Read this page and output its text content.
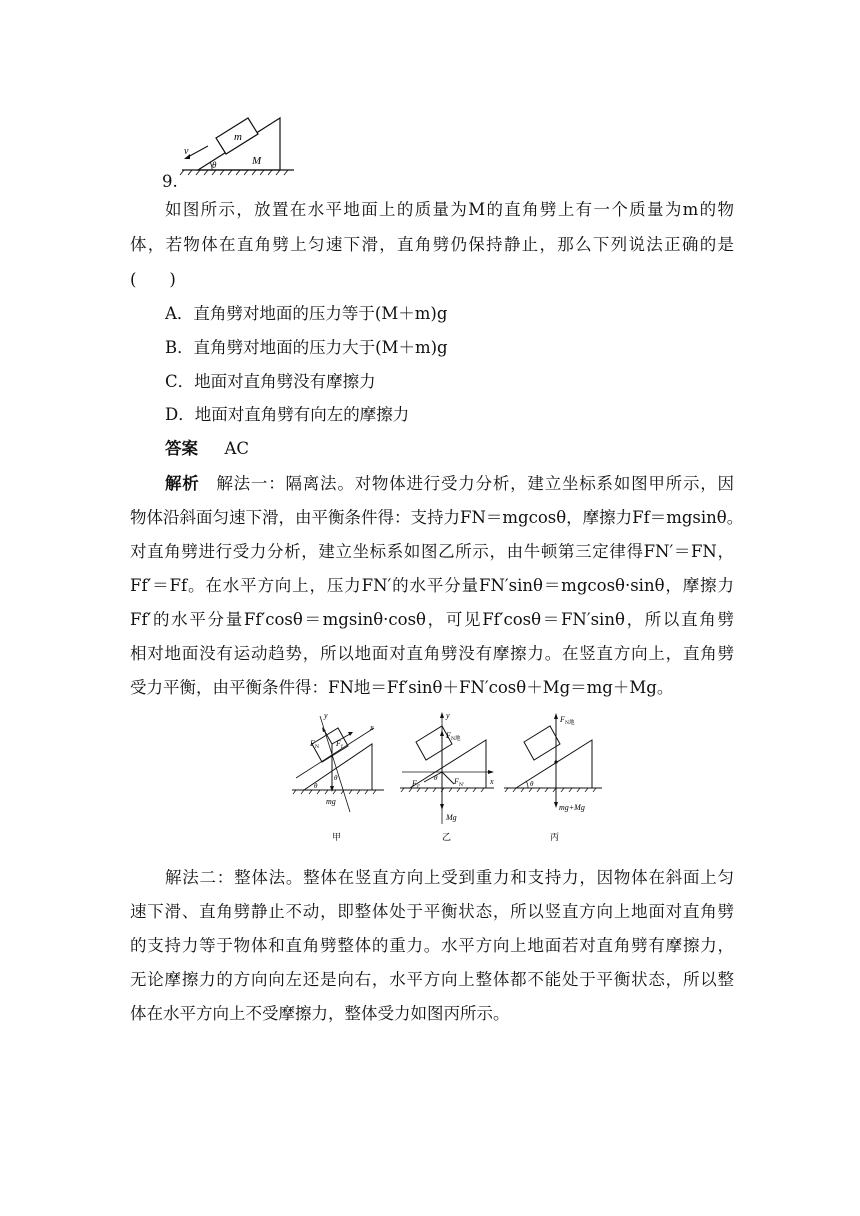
m
M
v
θ
9.
如图所示，放置在水平地面上的质量为M的直角劈上有一个质量为m的物
体，若物体在直角劈上匀速下滑，直角劈仍保持静止，那么下列说法正确的是
(　　)
A．直角劈对地面的压力等于(M＋m)g
B．直角劈对地面的压力大于(M＋m)g
C．地面对直角劈没有摩擦力
D．地面对直角劈有向左的摩擦力
答案 AC
解析 解法一：隔离法。对物体进行受力分析，建立坐标系如图甲所示，因
物体沿斜面匀速下滑，由平衡条件得：支持力FN＝mgcosθ，摩擦力Ff＝mgsinθ。
对直角劈进行受力分析，建立坐标系如图乙所示，由牛顿第三定律得FN′＝FN，
Ff′＝Ff。在水平方向上，压力FN′的水平分量FN′sinθ＝mgcosθ·sinθ，摩擦力
Ff′的水平分量Ff′cosθ＝mgsinθ·cosθ，可见Ff′cosθ＝FN′sinθ，所以直角劈
相对地面没有运动趋势，所以地面对直角劈没有摩擦力。在竖直方向上，直角劈
受力平衡，由平衡条件得：FN地＝Ff′sinθ＋FN′cosθ＋Mg＝mg＋Mg。
y
x
F N F f
mg
θ
θ
甲
y
x
F N地
F N′
F f′
θ
Mg
乙
F N地
mg+Mg
θ
丙
解法二：整体法。整体在竖直方向上受到重力和支持力，因物体在斜面上匀
速下滑、直角劈静止不动，即整体处于平衡状态，所以竖直方向上地面对直角劈
的支持力等于物体和直角劈整体的重力。水平方向上地面若对直角劈有摩擦力，
无论摩擦力的方向向左还是向右，水平方向上整体都不能处于平衡状态，所以整
体在水平方向上不受摩擦力，整体受力如图丙所示。
